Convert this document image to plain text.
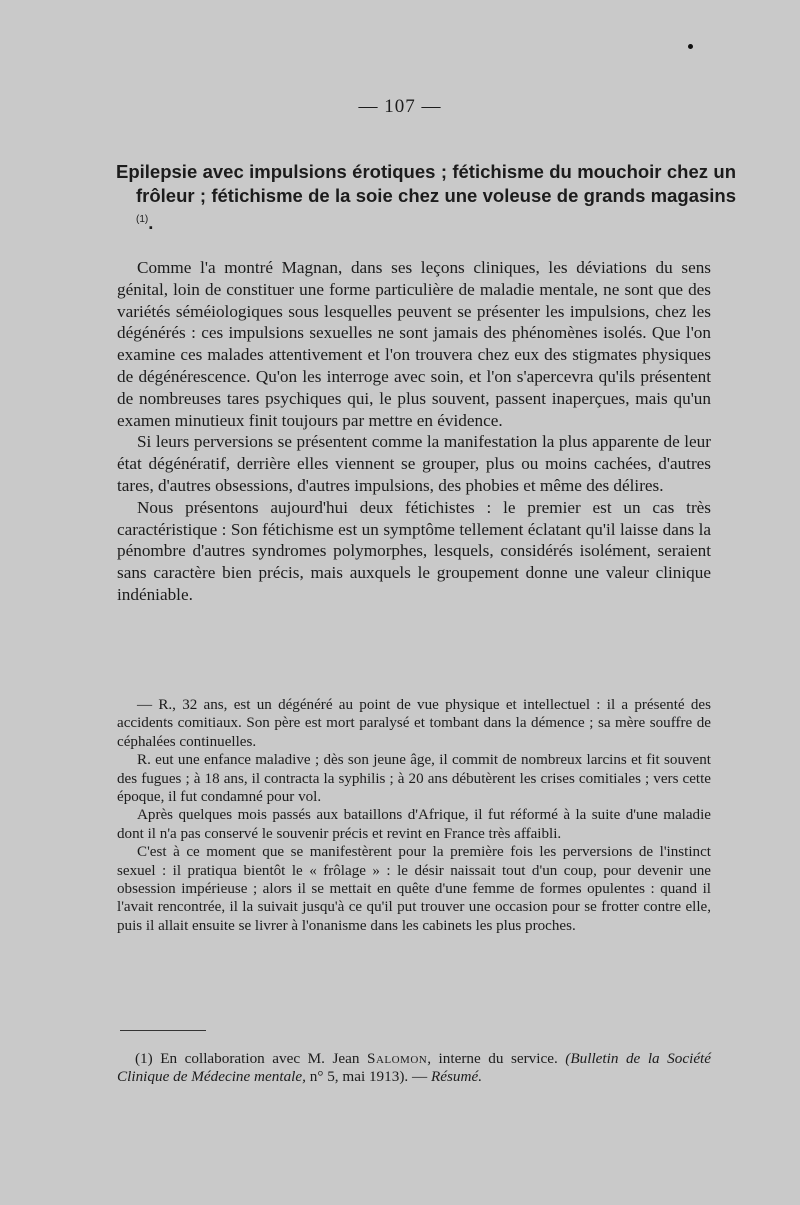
— 107 —
Epilepsie avec impulsions érotiques ; fétichisme du mouchoir chez un frôleur ; fétichisme de la soie chez une voleuse de grands magasins $^{(1)}$.

Comme l'a montré Magnan, dans ses leçons cliniques, les déviations du sens génital, loin de constituer une forme particulière de maladie mentale, ne sont que des variétés séméiologiques sous lesquelles peuvent se présenter les impulsions, chez les dégénérés : ces impulsions sexuelles ne sont jamais des phénomènes isolés. Que l'on examine ces malades attentivement et l'on trouvera chez eux des stigmates physiques de dégénérescence. Qu'on les interroge avec soin, et l'on s'apercevra qu'ils présentent de nombreuses tares psychiques qui, le plus souvent, passent inaperçues, mais qu'un examen minutieux finit toujours par mettre en évidence.

Si leurs perversions se présentent comme la manifestation la plus apparente de leur état dégénératif, derrière elles viennent se grouper, plus ou moins cachées, d'autres tares, d'autres obsessions, d'autres impulsions, des phobies et même des délires.

Nous présentons aujourd'hui deux fétichistes : le premier est un cas très caractéristique : Son fétichisme est un symptôme tellement éclatant qu'il laisse dans la pénombre d'autres syndromes polymorphes, lesquels, considérés isolément, seraient sans caractère bien précis, mais auxquels le groupement donne une valeur clinique indéniable.

— R., 32 ans, est un dégénéré au point de vue physique et intellectuel : il a présenté des accidents comitiaux. Son père est mort paralysé et tombant dans la démence ; sa mère souffre de céphalées continuelles.

R. eut une enfance maladive ; dès son jeune âge, il commit de nombreux larcins et fit souvent des fugues ; à 18 ans, il contracta la syphilis ; à 20 ans débutèrent les crises comitiales ; vers cette époque, il fut condamné pour vol.

Après quelques mois passés aux bataillons d'Afrique, il fut réformé à la suite d'une maladie dont il n'a pas conservé le souvenir précis et revint en France très affaibli.

C'est à ce moment que se manifestèrent pour la première fois les perversions de l'instinct sexuel : il pratiqua bientôt le « frôlage » : le désir naissait tout d'un coup, pour devenir une obsession impérieuse ; alors il se mettait en quête d'une femme de formes opulentes : quand il l'avait rencontrée, il la suivait jusqu'à ce qu'il put trouver une occasion pour se frotter contre elle, puis il allait ensuite se livrer à l'onanisme dans les cabinets les plus proches.

(1) En collaboration avec M. Jean Salomon, interne du service. (Bulletin de la Société Clinique de Médecine mentale, n° 5, mai 1913). — Résumé.
